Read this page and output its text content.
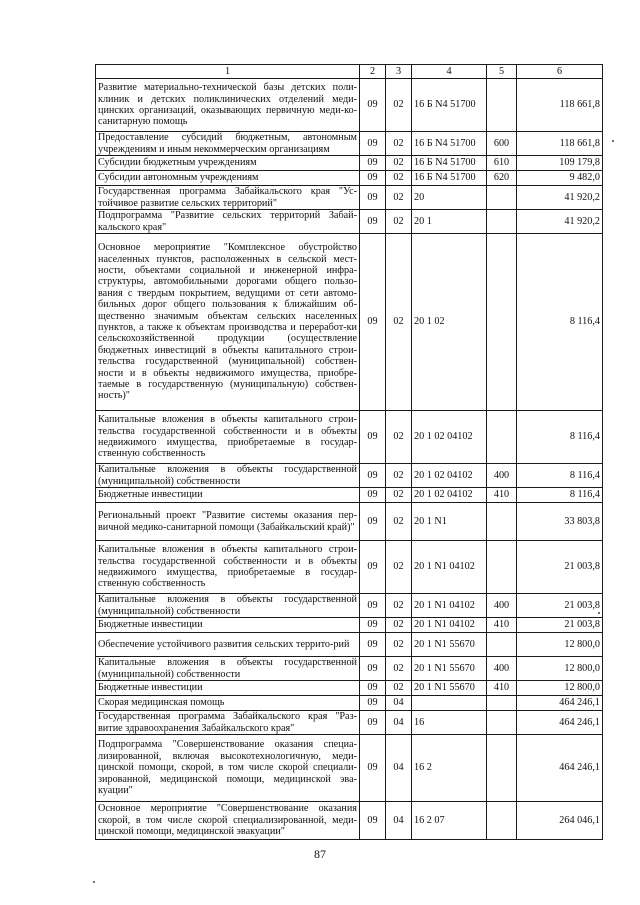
1	2	3	4	5	6
Развитие материально-технической базы детских поли-клиник и детских поликлинических отделений меди-цинских организаций, оказывающих первичную меди-ко-санитарную помощь	09	02	16 Б N4 51700		118 661,8
Предоставление субсидий бюджетным, автономным учреждениям и иным некоммерческим организациям	09	02	16 Б N4 51700	600	118 661,8
Субсидии бюджетным учреждениям	09	02	16 Б N4 51700	610	109 179,8
Субсидии автономным учреждениям	09	02	16 Б N4 51700	620	9 482,0
Государственная программа Забайкальского края "Ус-тойчивое развитие сельских территорий"	09	02	20		41 920,2
Подпрограмма "Развитие сельских территорий Забай-кальского края"	09	02	20 1		41 920,2
Основное мероприятие "Комплексное обустройство населенных пунктов, расположенных в сельской мест-ности, объектами социальной и инженерной инфра-структуры, автомобильными дорогами общего пользо-вания с твердым покрытием, ведущими от сети автомо-бильных дорог общего пользования к ближайшим об-щественно значимым объектам сельских населенных пунктов, а также к объектам производства и переработ-ки сельскохозяйственной продукции (осуществление бюджетных инвестиций в объекты капитального строи-тельства государственной (муниципальной) собствен-ности и в объекты недвижимого имущества, приобре-таемые в государственную (муниципальную) собствен-ность)"	09	02	20 1 02		8 116,4
Капитальные вложения в объекты капитального строи-тельства государственной собственности и в объекты недвижимого имущества, приобретаемые в государ-ственную собственность	09	02	20 1 02 04102		8 116,4
Капитальные вложения в объекты государственной (муниципальной) собственности	09	02	20 1 02 04102	400	8 116,4
Бюджетные инвестиции	09	02	20 1 02 04102	410	8 116,4
Региональный проект "Развитие системы оказания пер-вичной медико-санитарной помощи (Забайкальский край)"	09	02	20 1 N1		33 803,8
Капитальные вложения в объекты капитального строи-тельства государственной собственности и в объекты недвижимого имущества, приобретаемые в государ-ственную собственность	09	02	20 1 N1 04102		21 003,8
Капитальные вложения в объекты государственной (муниципальной) собственности	09	02	20 1 N1 04102	400	21 003,8
Бюджетные инвестиции	09	02	20 1 N1 04102	410	21 003,8
Обеспечение устойчивого развития сельских террито-рий	09	02	20 1 N1 55670		12 800,0
Капитальные вложения в объекты государственной (муниципальной) собственности	09	02	20 1 N1 55670	400	12 800,0
Бюджетные инвестиции	09	02	20 1 N1 55670	410	12 800,0
Скорая медицинская помощь	09	04			464 246,1
Государственная программа Забайкальского края "Раз-витие здравоохранения Забайкальского края"	09	04	16		464 246,1
Подпрограмма "Совершенствование оказания специа-лизированной, включая высокотехнологичную, меди-цинской помощи, скорой, в том числе скорой специали-зированной, медицинской помощи, медицинской эва-куации"	09	04	16 2		464 246,1
Основное мероприятие "Совершенствование оказания скорой, в том числе скорой специализированной, меди-цинской помощи, медицинской эвакуации"	09	04	16 2 07		264 046,1
87
